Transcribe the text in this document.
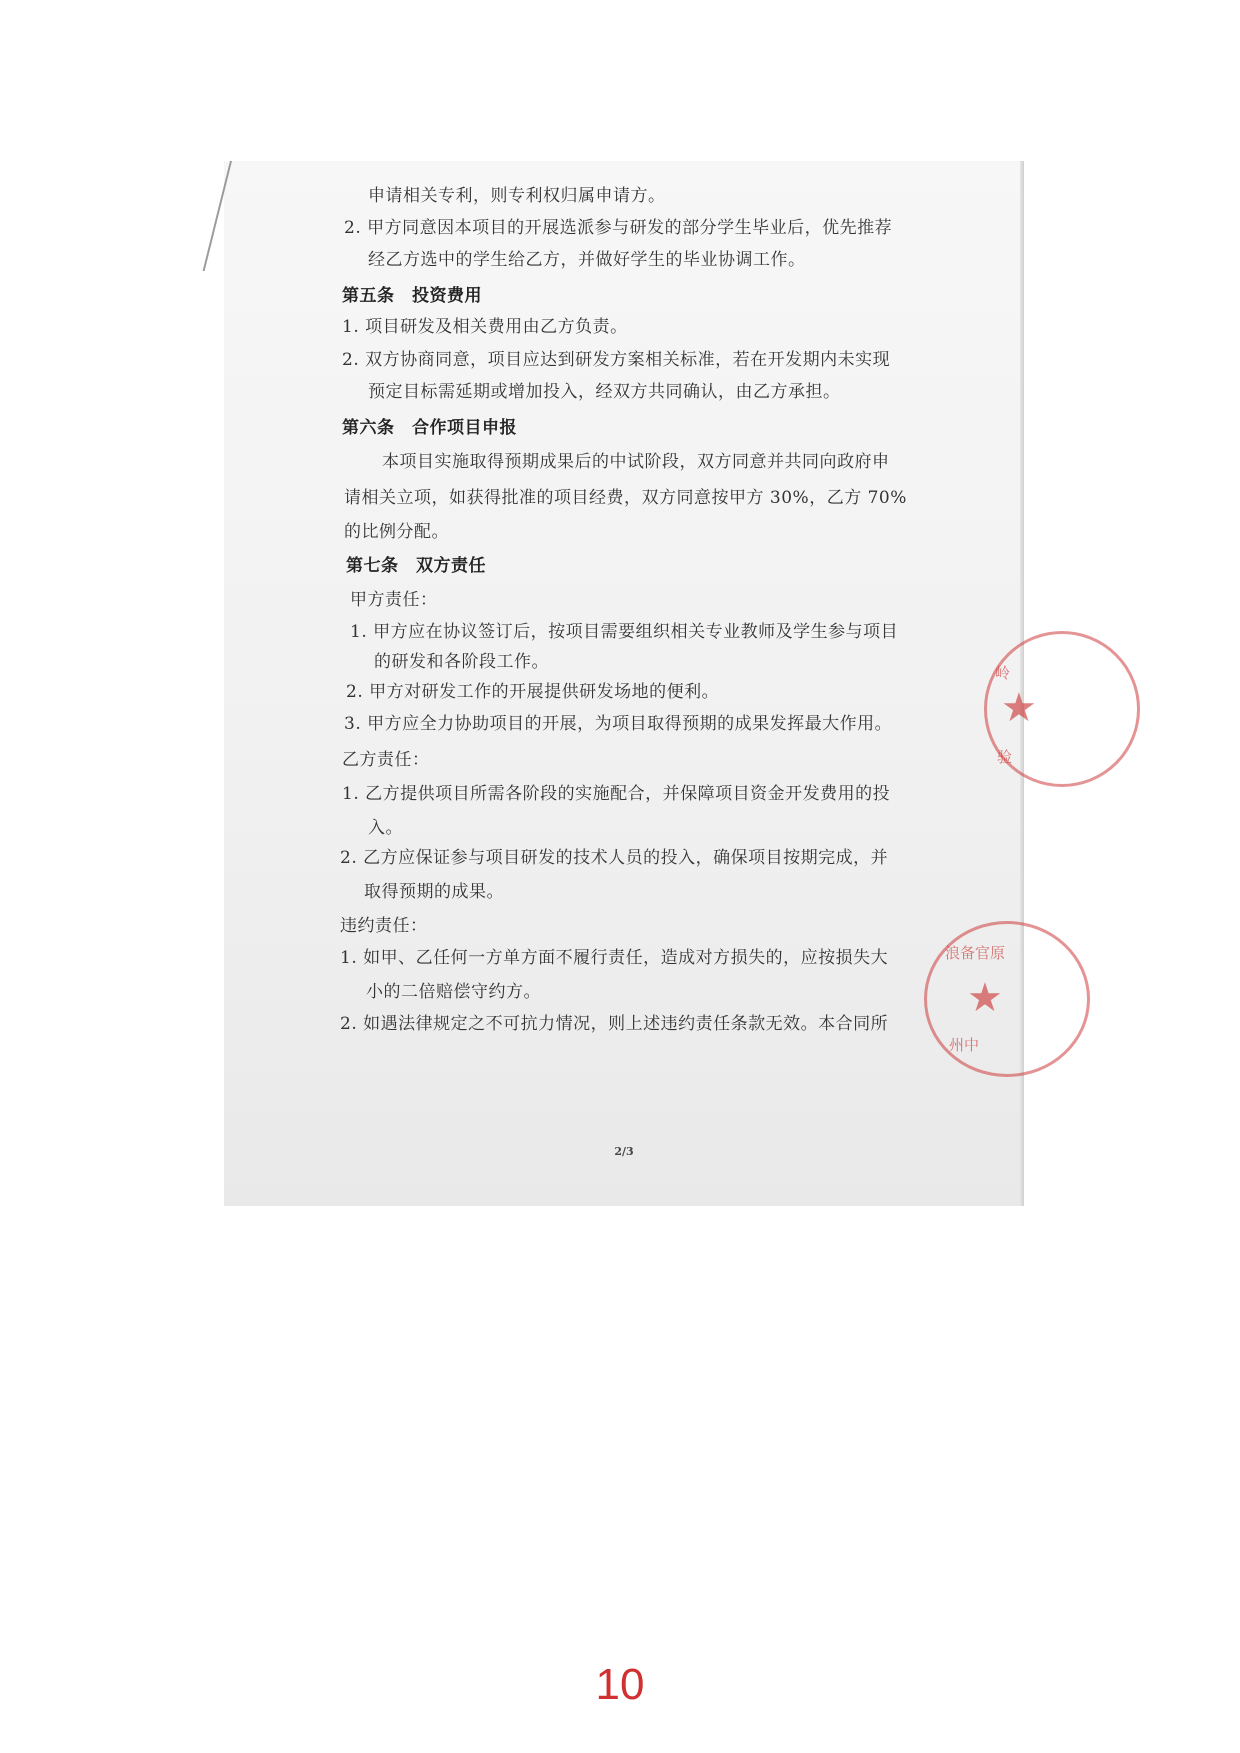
申请相关专利，则专利权归属申请方。
2. 甲方同意因本项目的开展选派参与研发的部分学生毕业后，优先推荐
经乙方选中的学生给乙方，并做好学生的毕业协调工作。
第五条　投资费用
1. 项目研发及相关费用由乙方负责。
2. 双方协商同意，项目应达到研发方案相关标准，若在开发期内未实现
预定目标需延期或增加投入，经双方共同确认，由乙方承担。
第六条　合作项目申报
本项目实施取得预期成果后的中试阶段，双方同意并共同向政府申
请相关立项，如获得批准的项目经费，双方同意按甲方 30%，乙方 70%
的比例分配。
第七条　双方责任
甲方责任：
1. 甲方应在协议签订后，按项目需要组织相关专业教师及学生参与项目
的研发和各阶段工作。
2. 甲方对研发工作的开展提供研发场地的便利。
3. 甲方应全力协助项目的开展，为项目取得预期的成果发挥最大作用。
乙方责任：
1. 乙方提供项目所需各阶段的实施配合，并保障项目资金开发费用的投
入。
2. 乙方应保证参与项目研发的技术人员的投入，确保项目按期完成，并
取得预期的成果。
违约责任：
1. 如甲、乙任何一方单方面不履行责任，造成对方损失的，应按损失大
小的二倍赔偿守约方。
2. 如遇法律规定之不可抗力情况，则上述违约责任条款无效。本合同所
2/3
岭
★
验
浪备官原
★
州中
10
